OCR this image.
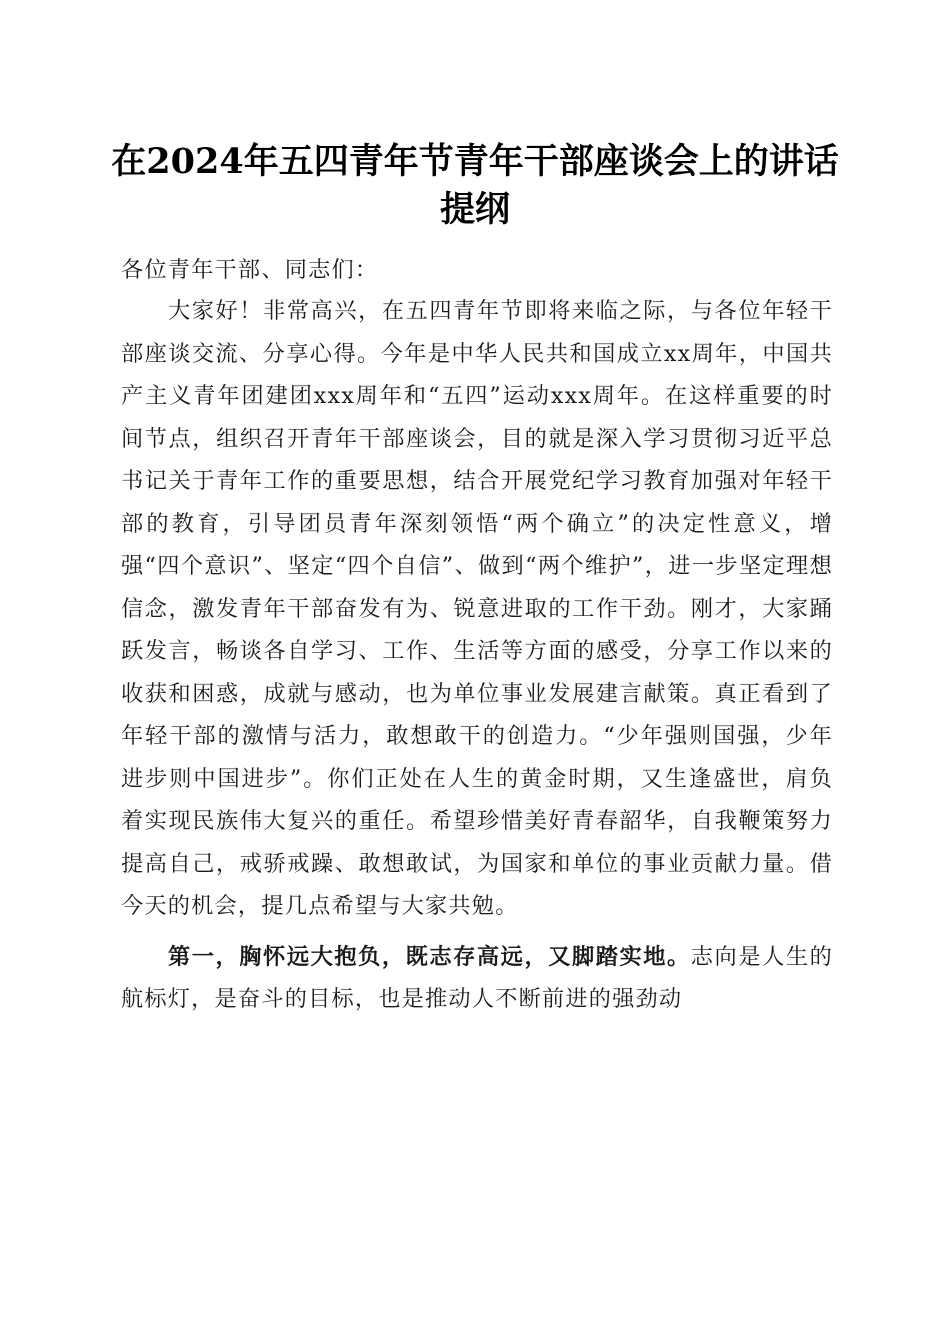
在2024年五四青年节青年干部座谈会上的讲话提纲

各位青年干部、同志们：

大家好！非常高兴，在五四青年节即将来临之际，与各位年轻干部座谈交流、分享心得。今年是中华人民共和国成立xx周年，中国共产主义青年团建团xxx周年和“五四”运动xxx周年。在这样重要的时间节点，组织召开青年干部座谈会，目的就是深入学习贯彻习近平总书记关于青年工作的重要思想，结合开展党纪学习教育加强对年轻干部的教育，引导团员青年深刻领悟“两个确立”的决定性意义，增强“四个意识”、坚定“四个自信”、做到“两个维护”，进一步坚定理想信念，激发青年干部奋发有为、锐意进取的工作干劲。刚才，大家踊跃发言，畅谈各自学习、工作、生活等方面的感受，分享工作以来的收获和困惑，成就与感动，也为单位事业发展建言献策。真正看到了年轻干部的激情与活力，敢想敢干的创造力。“少年强则国强，少年进步则中国进步”。你们正处在人生的黄金时期，又生逢盛世，肩负着实现民族伟大复兴的重任。希望珍惜美好青春韶华，自我鞭策努力提高自己，戒骄戒躁、敢想敢试，为国家和单位的事业贡献力量。借今天的机会，提几点希望与大家共勉。

第一，胸怀远大抱负，既志存高远，又脚踏实地。志向是人生的航标灯，是奋斗的目标，也是推动人不断前进的强劲动
